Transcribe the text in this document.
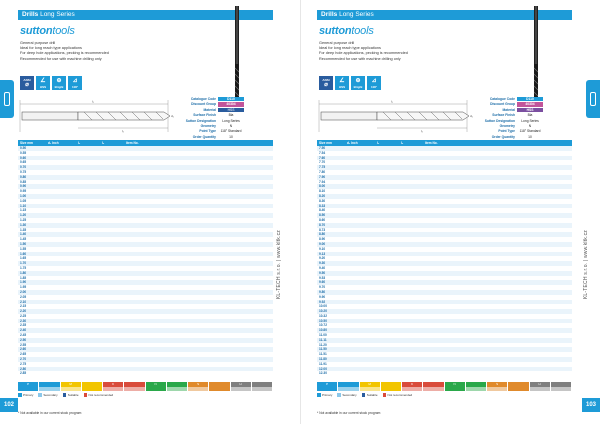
Drills Long Series
KL-TECH s.r.o. | www.kltk.cz
102
suttontools
General purpose drill
Ideal for long reach type applications
For deep hole applications, pecking is recommended
Recommended for use with machine drilling only
ANSI
⌀
BS/AS
∠
HSS
⊕
Bright
⊿
118°
l₁
l₂
d₁
Catalogue Code	D110
Discount Group	40304
Material	HSS
Surface Finish	Bla
Sutton Designation	Long Series
Geometry	N
Point Type	118° Standard
Order Quantity	10
Size mm	d₁ Inch	l₁	l₂	Item No.
0.50				
0.55				
0.60				
0.65				
0.70				
0.75				
0.80				
0.85				
0.90				
0.95				
1.00				
1.05				
1.10				
1.15				
1.20				
1.25				
1.30				
1.35				
1.40				
1.45				
1.50				
1.55				
1.60				
1.65				
1.70				
1.75				
1.80				
1.85				
1.90				
1.95				
2.00				
2.05				
2.10				
2.15				
2.20				
2.25				
2.30				
2.35				
2.40				
2.45				
2.50				
2.55				
2.60				
2.65				
2.70				
2.75				
2.80				
2.85				
P	M	K	N	S	H
Primary	Secondary	Suitable	Not recommended
* Not available in our current stock program
Drills Long Series
KL-TECH s.r.o. | www.kltk.cz
103
suttontools
General purpose drill
Ideal for long reach type applications
For deep hole applications, pecking is recommended
Recommended for use with machine drilling only
ANSI
⌀
BS/AS
∠
HSS
⊕
Bright
⊿
118°
l₁
l₂
d₁
Catalogue Code	D110
Discount Group	40304
Material	HSS
Surface Finish	Bla
Sutton Designation	Long Series
Geometry	N
Point Type	118° Standard
Order Quantity	10
Size mm	d₁ Inch	l₁	l₂	Item No.
7.50				
7.54				
7.60				
7.70				
7.75				
7.80				
7.90				
7.94				
8.00				
8.10				
8.20				
8.30				
8.33				
8.40				
8.50				
8.60				
8.70				
8.73				
8.80				
8.90				
9.00				
9.10				
9.13				
9.20				
9.30				
9.40				
9.50				
9.53				
9.60				
9.70				
9.80				
9.90				
9.92				
10.00				
10.20				
10.32				
10.50				
10.72				
10.80				
11.00				
11.11				
11.20				
11.50				
11.51				
11.80				
11.91				
12.00				
12.30				
P	M	K	N	S	H
Primary	Secondary	Suitable	Not recommended
* Not available in our current stock program
